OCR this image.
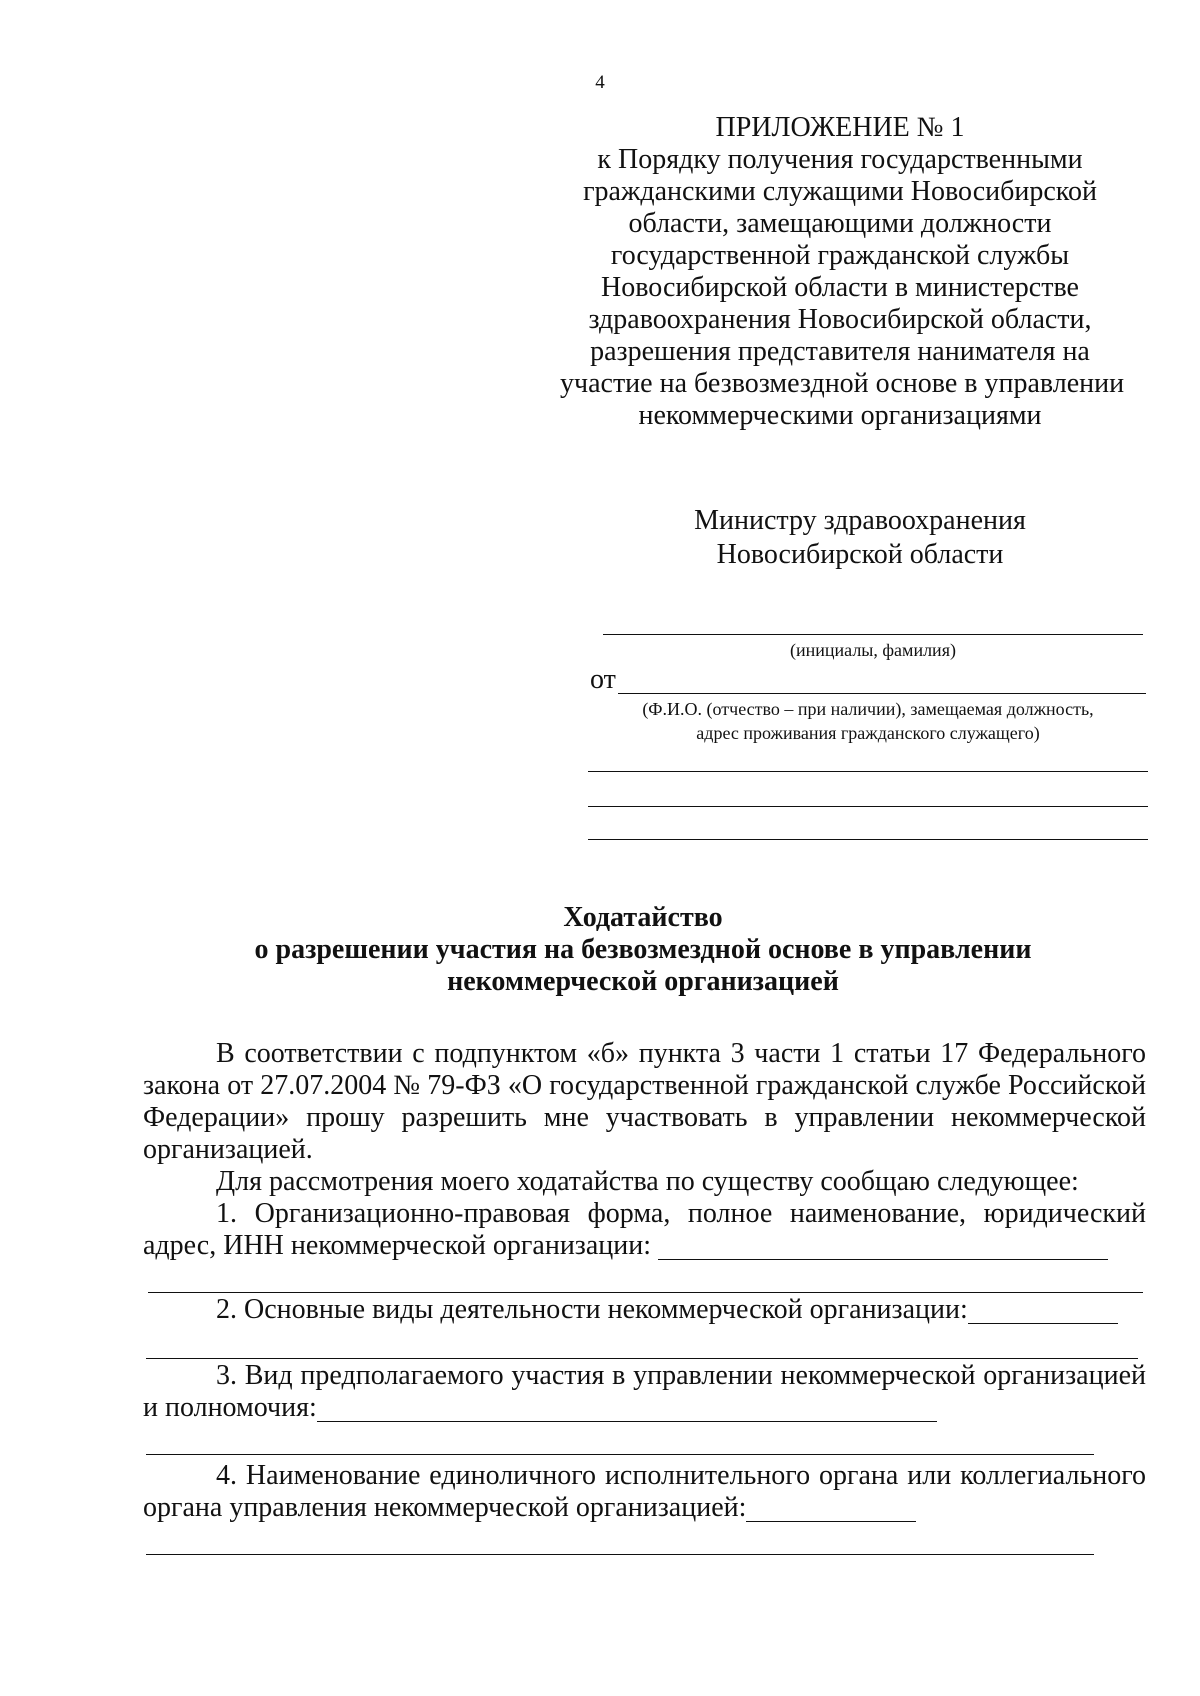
4
ПРИЛОЖЕНИЕ № 1
к Порядку получения государственными
гражданскими служащими Новосибирской
области, замещающими должности
государственной гражданской службы
Новосибирской области в министерстве
здравоохранения Новосибирской области,
разрешения представителя нанимателя на
участие на безвозмездной основе в управлении
некоммерческими организациями
Министру здравоохранения
Новосибирской области
(инициалы, фамилия)
от
(Ф.И.О. (отчество – при наличии), замещаемая должность,
адрес проживания гражданского служащего)
Ходатайство
о разрешении участия на безвозмездной основе в управлении
некоммерческой организацией

В соответствии с подпунктом «б» пункта 3 части 1 статьи 17 Федерального закона от 27.07.2004 № 79-ФЗ «О государственной гражданской службе Российской Федерации» прошу разрешить мне участвовать в управлении некоммерческой организацией.

Для рассмотрения моего ходатайства по существу сообщаю следующее:

1. Организационно-правовая форма, полное наименование, юридический адрес, ИНН некоммерческой организации:

2. Основные виды деятельности некоммерческой организации:

3. Вид предполагаемого участия в управлении некоммерческой организацией и полномочия:

4. Наименование единоличного исполнительного органа или коллегиального органа управления некоммерческой организацией:
